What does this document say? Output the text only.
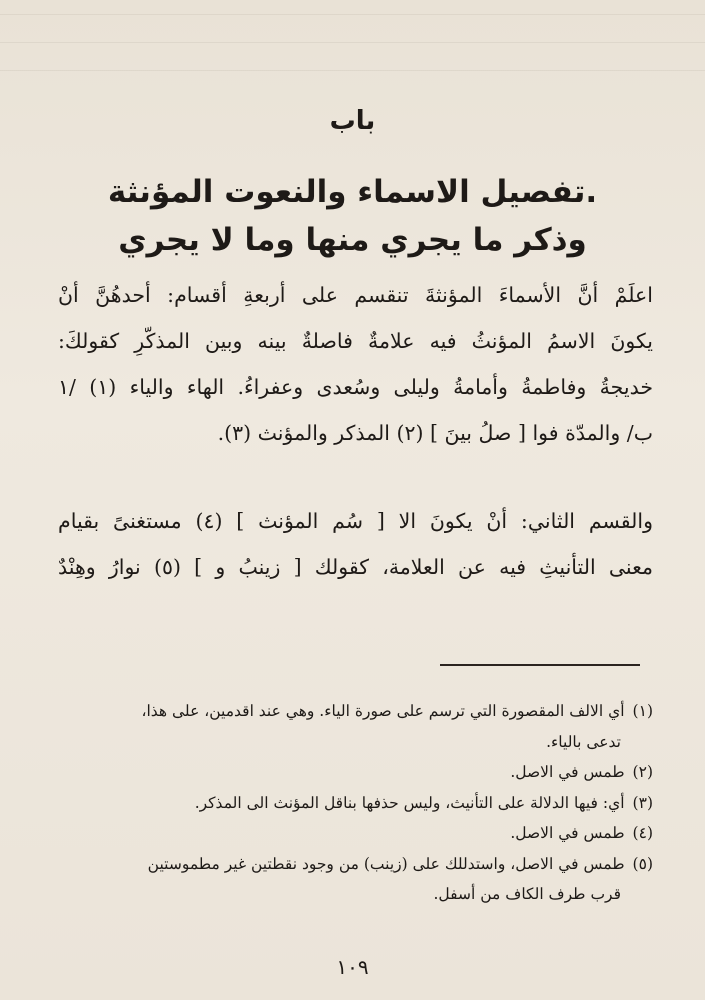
باب
.تفصيل الاسماء والنعوت المؤنثة
وذكر ما يجري منها وما لا يجري
اعلَمْ أنَّ الأسماءَ المؤنثةَ تنقسم على أربعةِ أقسام: أحدهُنَّ أنْ
يكونَ الاسمُ المؤنثُ فيه علامةٌ فاصلةٌ بينه وبين المذكّرِ كقولكَ:
خديجةُ وفاطمةُ وأمامةُ وليلى وسُعدى وعفراءُ. الهاء والياء (١) /١
ب/ والمدّة فوا [ صلُ بينَ ] (٢) المذكر والمؤنث (٣).
والقسم الثاني: أنْ يكونَ الا [ سُم المؤنث ] (٤) مستغنىً بقيام
معنى التأنيثِ فيه عن العلامة، كقولك [ زينبُ و ] (٥) نوارُ وهِنْدٌ
(١)أي الالف المقصورة التي ترسم على صورة الياء. وهي عند اقدمين، على هذا،
تدعى بالياء.
(٢)طمس في الاصل.
(٣)أي: فيها الدلالة على التأنيث، وليس حذفها بناقل المؤنث الى المذكر.
(٤)طمس في الاصل.
(٥)طمس في الاصل، واستدللك على (زينب) من وجود نقطتين غير مطموستين
قرب طرف الكاف من أسفل.
١٠٩
